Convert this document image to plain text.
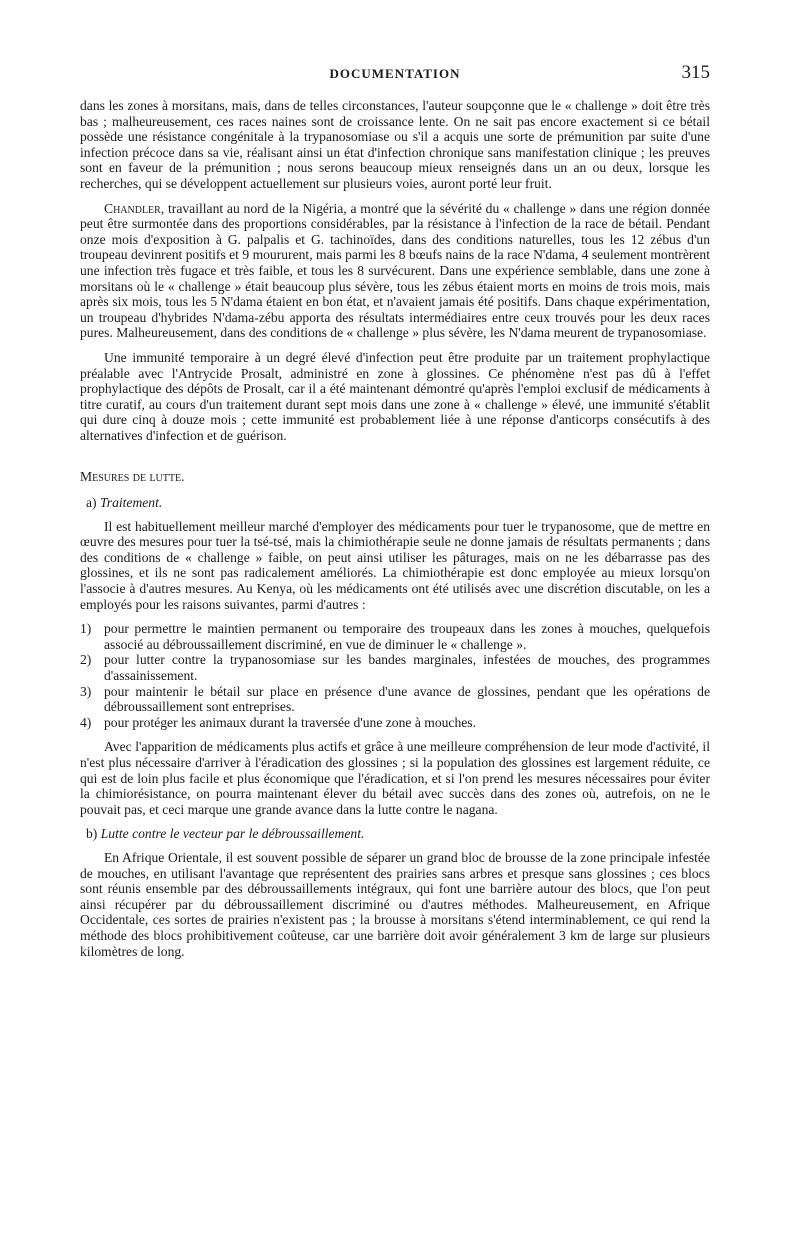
DOCUMENTATION	315

dans les zones à morsitans, mais, dans de telles circonstances, l'auteur soupçonne que le « challenge » doit être très bas ; malheureusement, ces races naines sont de croissance lente. On ne sait pas encore exactement si ce bétail possède une résistance congénitale à la trypanosomiase ou s'il a acquis une sorte de prémunition par suite d'une infection précoce dans sa vie, réalisant ainsi un état d'infection chronique sans manifestation clinique ; les preuves sont en faveur de la prémunition ; nous serons beaucoup mieux renseignés dans un an ou deux, lorsque les recherches, qui se développent actuellement sur plusieurs voies, auront porté leur fruit.

Chandler, travaillant au nord de la Nigéria, a montré que la sévérité du « challenge » dans une région donnée peut être surmontée dans des proportions considérables, par la résistance à l'infection de la race de bétail. Pendant onze mois d'exposition à G. palpalis et G. tachinoïdes, dans des conditions naturelles, tous les 12 zébus d'un troupeau devinrent positifs et 9 moururent, mais parmi les 8 bœufs nains de la race N'dama, 4 seulement montrèrent une infection très fugace et très faible, et tous les 8 survécurent. Dans une expérience semblable, dans une zone à morsitans où le « challenge » était beaucoup plus sévère, tous les zébus étaient morts en moins de trois mois, mais après six mois, tous les 5 N'dama étaient en bon état, et n'avaient jamais été positifs. Dans chaque expérimentation, un troupeau d'hybrides N'dama-zébu apporta des résultats intermédiaires entre ceux trouvés pour les deux races pures. Malheureusement, dans des conditions de « challenge » plus sévère, les N'dama meurent de trypanosomiase.

Une immunité temporaire à un degré élevé d'infection peut être produite par un traitement prophylactique préalable avec l'Antrycide Prosalt, administré en zone à glossines. Ce phénomène n'est pas dû à l'effet prophylactique des dépôts de Prosalt, car il a été maintenant démontré qu'après l'emploi exclusif de médicaments à titre curatif, au cours d'un traitement durant sept mois dans une zone à « challenge » élevé, une immunité s'établit qui dure cinq à douze mois ; cette immunité est probablement liée à une réponse d'anticorps consécutifs à des alternatives d'infection et de guérison.

Mesures de lutte.
a) Traitement.

Il est habituellement meilleur marché d'employer des médicaments pour tuer le trypanosome, que de mettre en œuvre des mesures pour tuer la tsé-tsé, mais la chimiothérapie seule ne donne jamais de résultats permanents ; dans des conditions de « challenge » faible, on peut ainsi utiliser les pâturages, mais on ne les débarrasse pas des glossines, et ils ne sont pas radicalement améliorés. La chimiothérapie est donc employée au mieux lorsqu'on l'associe à d'autres mesures. Au Kenya, où les médicaments ont été utilisés avec une discrétion discutable, on les a employés pour les raisons suivantes, parmi d'autres :

1) pour permettre le maintien permanent ou temporaire des troupeaux dans les zones à mouches, quelquefois associé au débroussaillement discriminé, en vue de diminuer le « challenge ».
2) pour lutter contre la trypanosomiase sur les bandes marginales, infestées de mouches, des programmes d'assainissement.
3) pour maintenir le bétail sur place en présence d'une avance de glossines, pendant que les opérations de débroussaillement sont entreprises.
4) pour protéger les animaux durant la traversée d'une zone à mouches.

Avec l'apparition de médicaments plus actifs et grâce à une meilleure compréhension de leur mode d'activité, il n'est plus nécessaire d'arriver à l'éradication des glossines ; si la population des glossines est largement réduite, ce qui est de loin plus facile et plus économique que l'éradication, et si l'on prend les mesures nécessaires pour éviter la chimiorésistance, on pourra maintenant élever du bétail avec succès dans des zones où, autrefois, on ne le pouvait pas, et ceci marque une grande avance dans la lutte contre le nagana.

b) Lutte contre le vecteur par le débroussaillement.

En Afrique Orientale, il est souvent possible de séparer un grand bloc de brousse de la zone principale infestée de mouches, en utilisant l'avantage que représentent des prairies sans arbres et presque sans glossines ; ces blocs sont réunis ensemble par des débroussaillements intégraux, qui font une barrière autour des blocs, que l'on peut ainsi récupérer par du débroussaillement discriminé ou d'autres méthodes. Malheureusement, en Afrique Occidentale, ces sortes de prairies n'existent pas ; la brousse à morsitans s'étend interminablement, ce qui rend la méthode des blocs prohibitivement coûteuse, car une barrière doit avoir généralement 3 km de large sur plusieurs kilomètres de long.
